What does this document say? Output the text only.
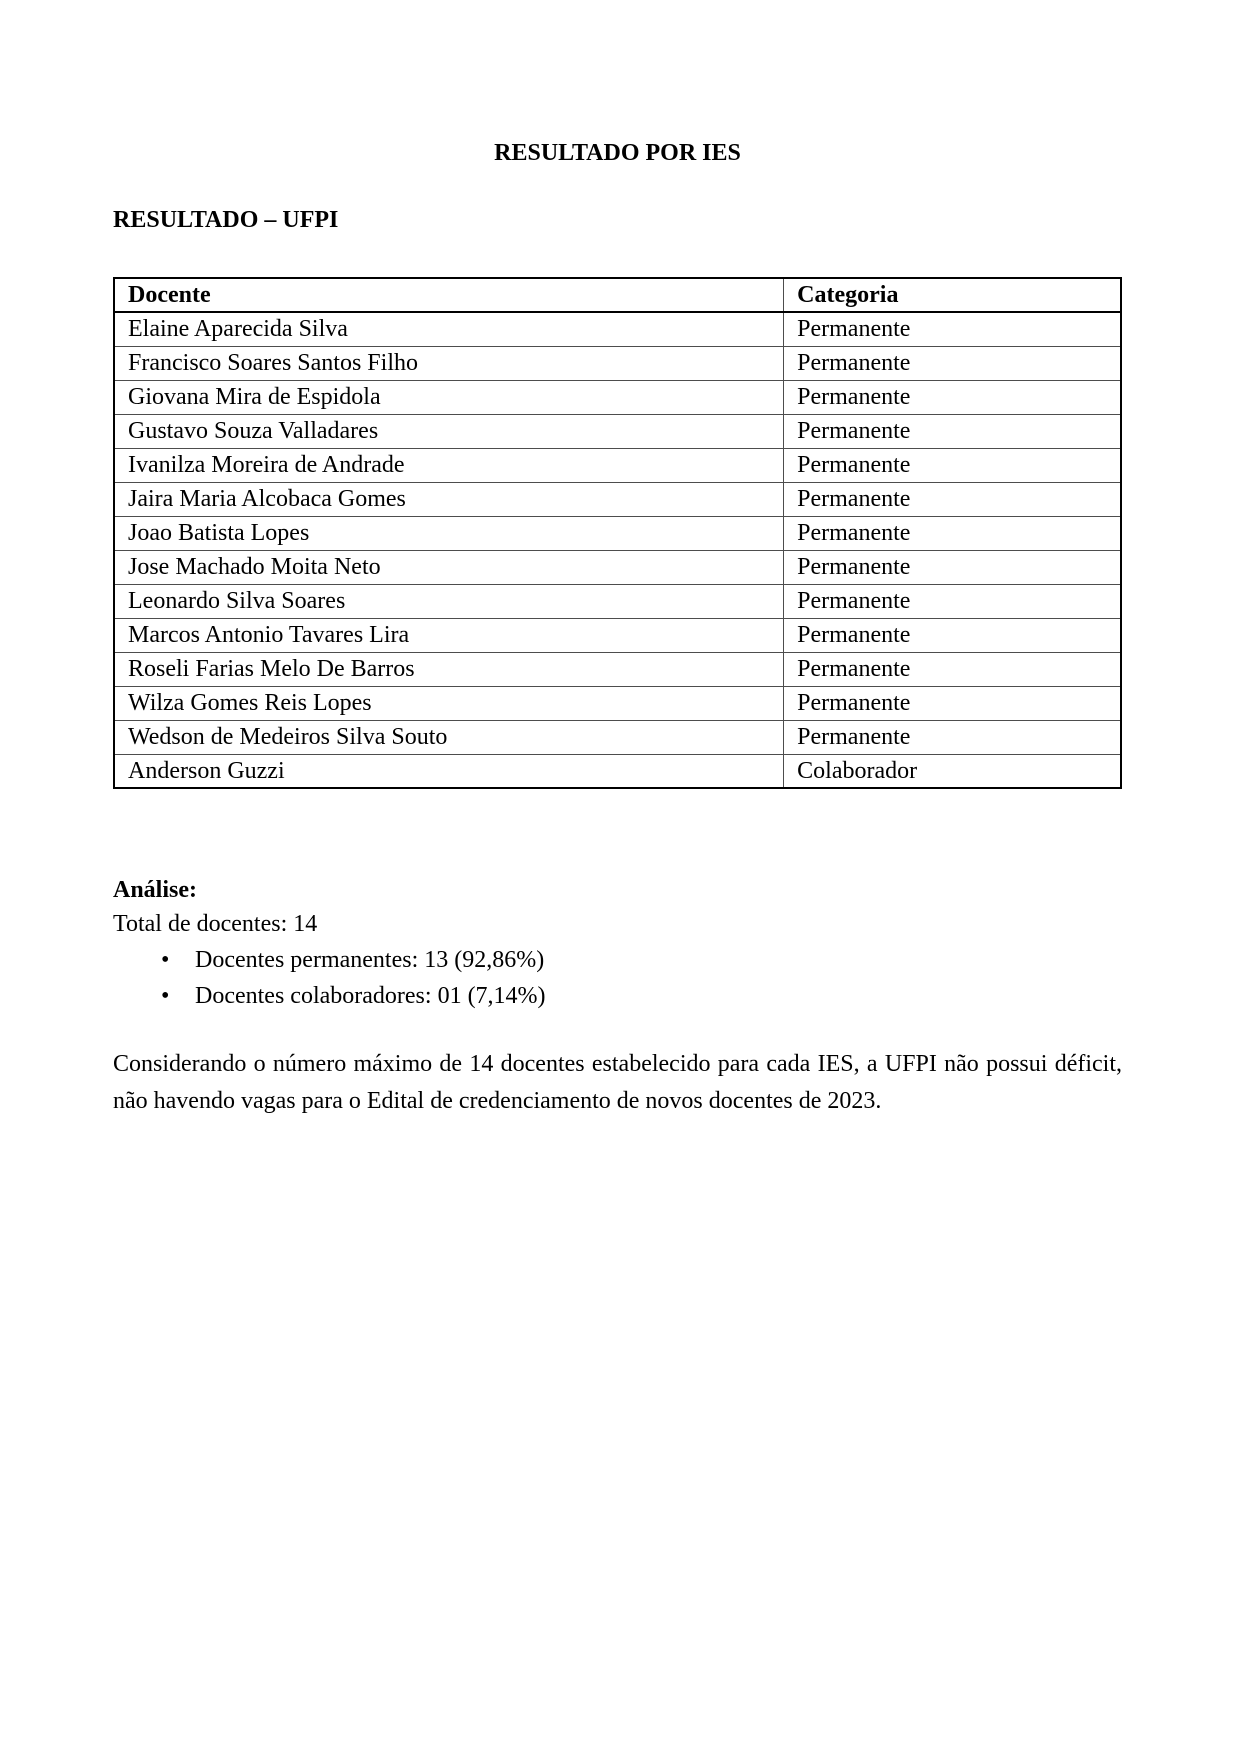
RESULTADO POR IES
RESULTADO – UFPI
Docente	Categoria
Elaine Aparecida Silva	Permanente
Francisco Soares Santos Filho	Permanente
Giovana Mira de Espidola	Permanente
Gustavo Souza Valladares	Permanente
Ivanilza Moreira de Andrade	Permanente
Jaira Maria Alcobaca Gomes	Permanente
Joao Batista Lopes	Permanente
Jose Machado Moita Neto	Permanente
Leonardo Silva Soares	Permanente
Marcos Antonio Tavares Lira	Permanente
Roseli Farias Melo De Barros	Permanente
Wilza Gomes Reis Lopes	Permanente
Wedson de Medeiros Silva Souto	Permanente
Anderson Guzzi	Colaborador
Análise:
Total de docentes: 14
• Docentes permanentes: 13 (92,86%)
• Docentes colaboradores: 01 (7,14%)

Considerando o número máximo de 14 docentes estabelecido para cada IES, a UFPI não possui déficit, não havendo vagas para o Edital de credenciamento de novos docentes de 2023.
